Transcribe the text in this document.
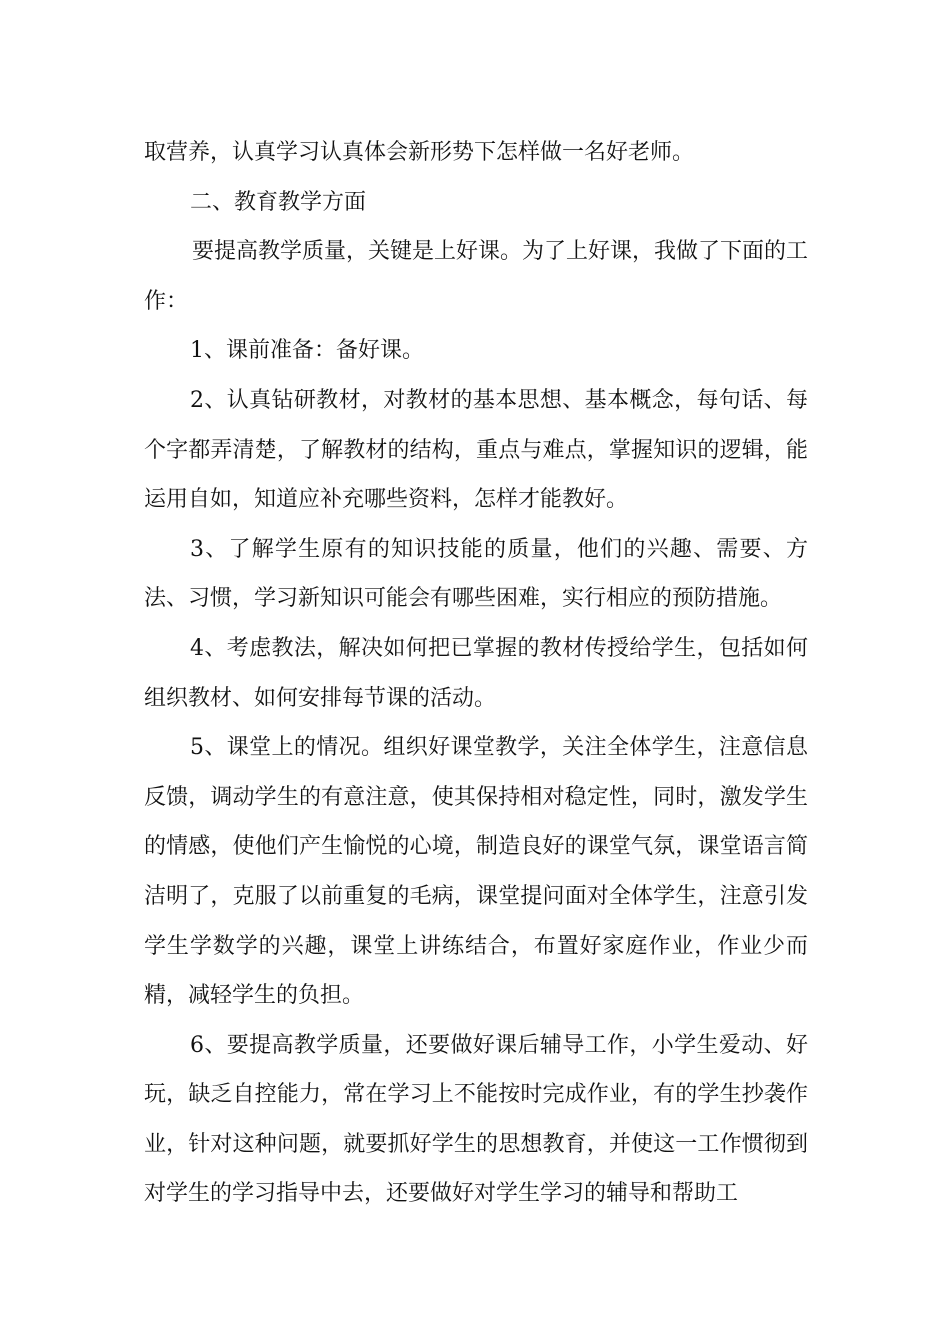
取营养，认真学习认真体会新形势下怎样做一名好老师。

二、教育教学方面

要提高教学质量，关键是上好课。为了上好课，我做了下面的工作：

1、课前准备：备好课。

2、认真钻研教材，对教材的基本思想、基本概念，每句话、每个字都弄清楚，了解教材的结构，重点与难点，掌握知识的逻辑，能运用自如，知道应补充哪些资料，怎样才能教好。

3、了解学生原有的知识技能的质量，他们的兴趣、需要、方法、习惯，学习新知识可能会有哪些困难，实行相应的预防措施。

4、考虑教法，解决如何把已掌握的教材传授给学生，包括如何组织教材、如何安排每节课的活动。

5、课堂上的情况。组织好课堂教学，关注全体学生，注意信息反馈，调动学生的有意注意，使其保持相对稳定性，同时，激发学生的情感，使他们产生愉悦的心境，制造良好的课堂气氛，课堂语言简洁明了，克服了以前重复的毛病，课堂提问面对全体学生，注意引发学生学数学的兴趣，课堂上讲练结合，布置好家庭作业，作业少而精，减轻学生的负担。

6、要提高教学质量，还要做好课后辅导工作，小学生爱动、好玩，缺乏自控能力，常在学习上不能按时完成作业，有的学生抄袭作业，针对这种问题，就要抓好学生的思想教育，并使这一工作惯彻到对学生的学习指导中去，还要做好对学生学习的辅导和帮助工
